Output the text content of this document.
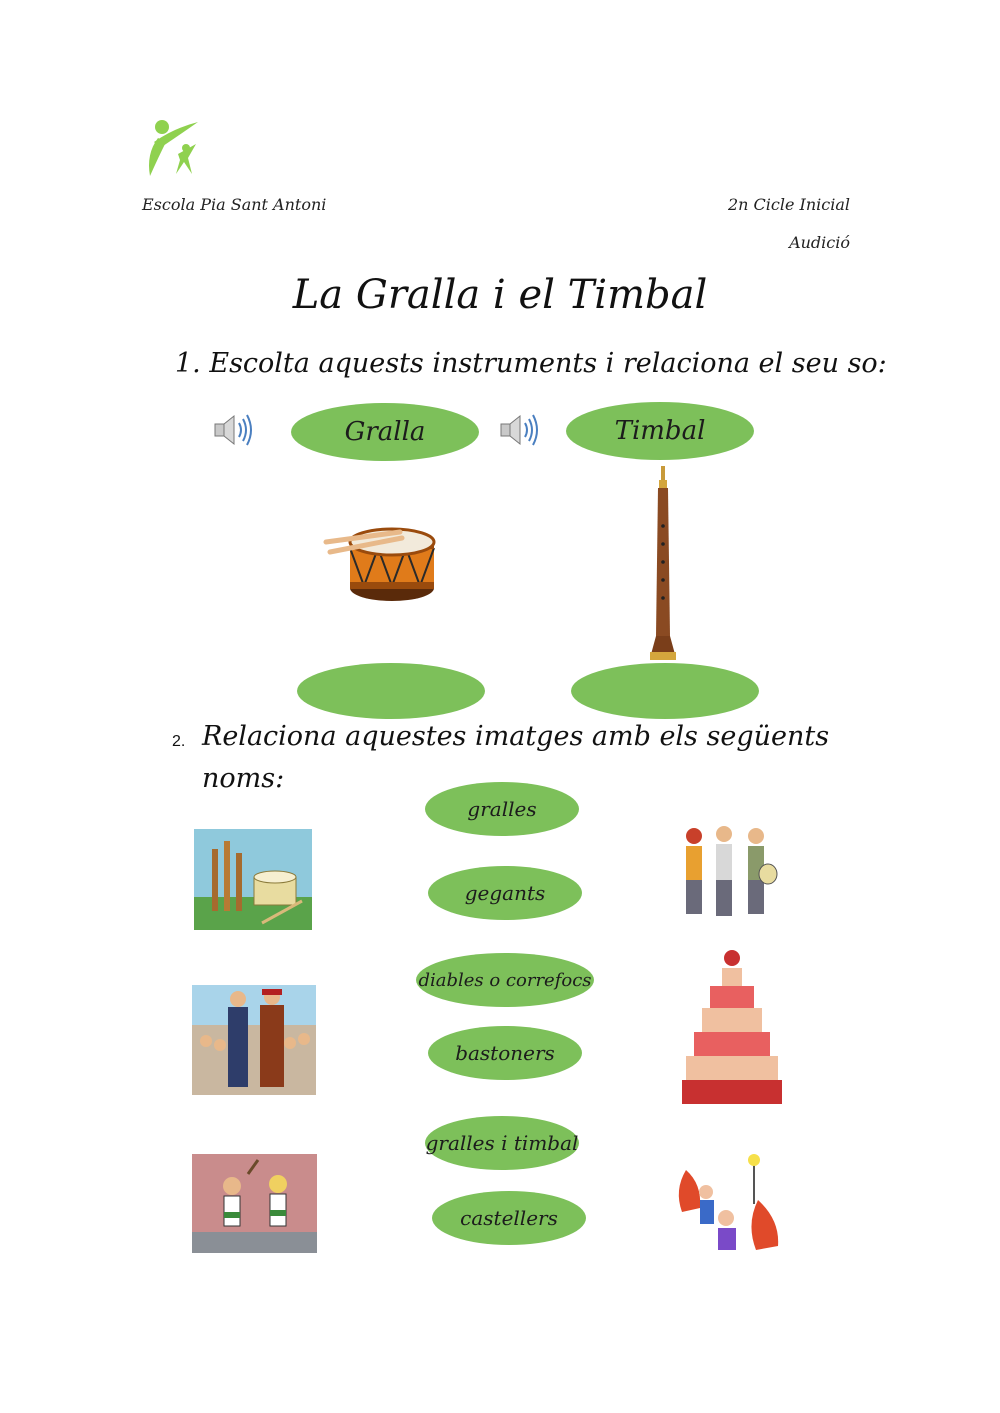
Escola Pia Sant Antoni	2n Cicle Inicial
Audició
La Gralla i el Timbal
1. Escolta aquests instruments i relaciona el seu so:
Gralla	Timbal
2. Relaciona aquestes imatges amb els següents
noms:
gralles
gegants
diables o correfocs
bastoners
gralles i timbal
castellers
